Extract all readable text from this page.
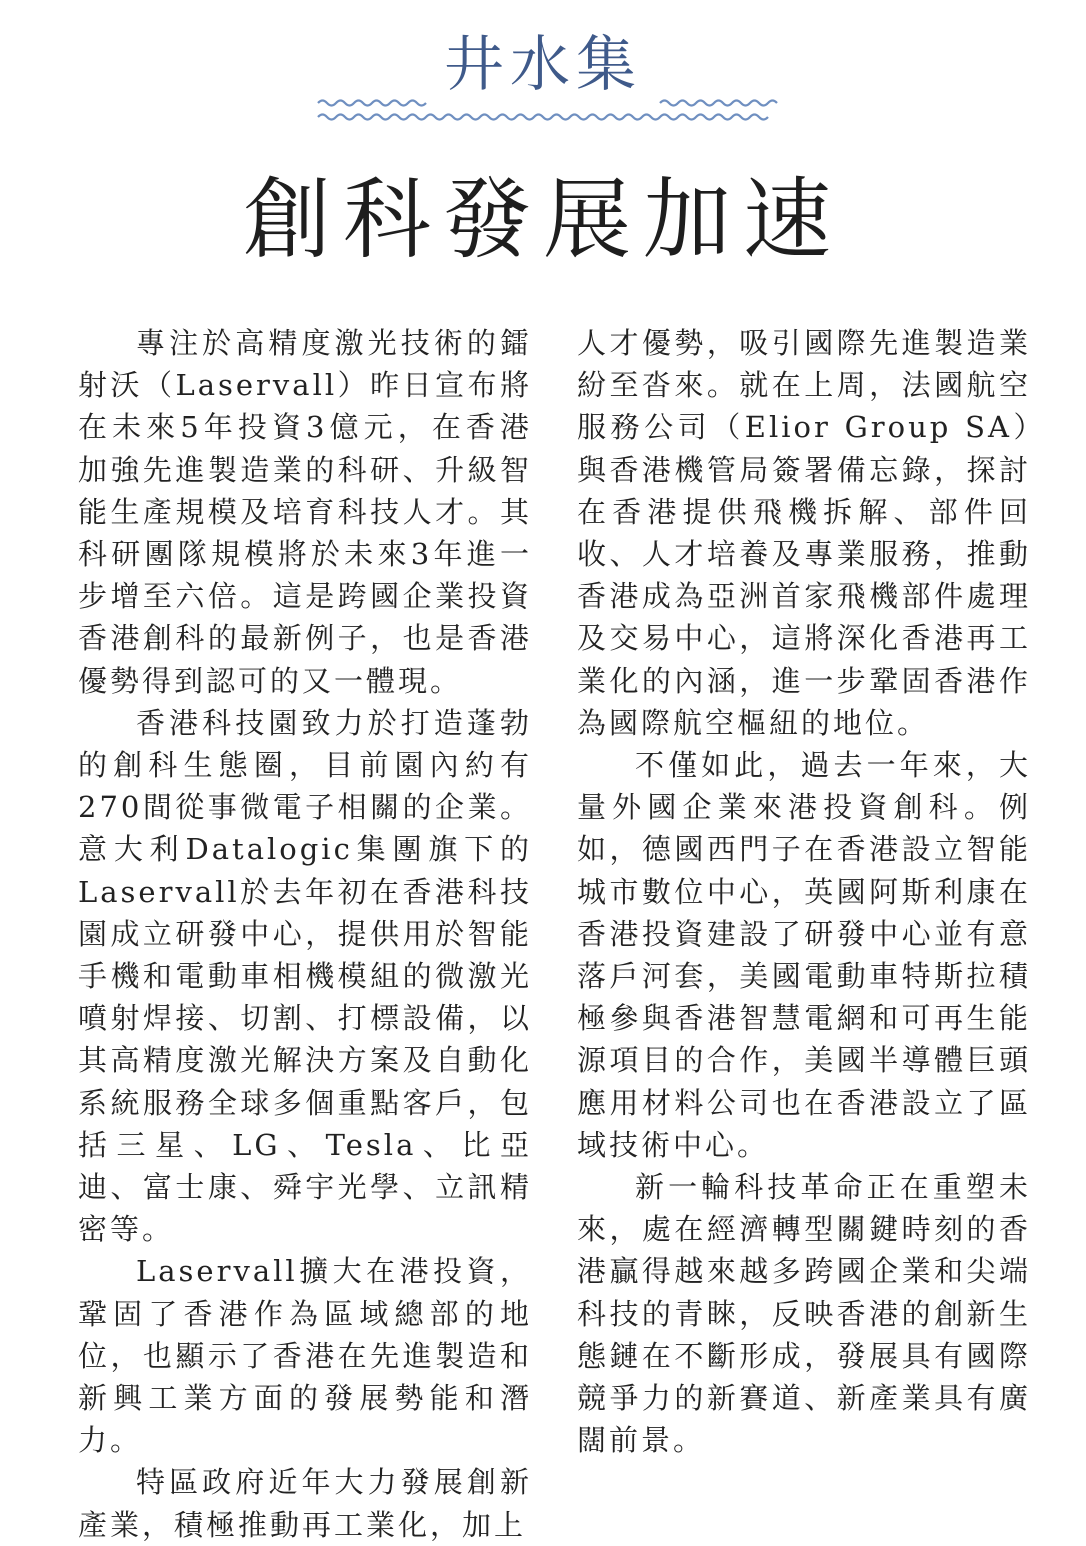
井水集
創科發展加速

專注於高精度激光技術的鐳射沃（Laservall）昨日宣布將在未來5年投資3億元，在香港加強先進製造業的科研、升級智能生產規模及培育科技人才。其科研團隊規模將於未來3年進一步增至六倍。這是跨國企業投資香港創科的最新例子，也是香港優勢得到認可的又一體現。

香港科技園致力於打造蓬勃的創科生態圈，目前園內約有270間從事微電子相關的企業。意大利Datalogic集團旗下的Laservall於去年初在香港科技園成立研發中心，提供用於智能手機和電動車相機模組的微激光噴射焊接、切割、打標設備，以其高精度激光解決方案及自動化系統服務全球多個重點客戶，包括三星、LG、Tesla、比亞迪、富士康、舜宇光學、立訊精密等。

Laservall擴大在港投資，鞏固了香港作為區域總部的地位，也顯示了香港在先進製造和新興工業方面的發展勢能和潛力。

特區政府近年大力發展創新產業，積極推動再工業化，加上

人才優勢，吸引國際先進製造業紛至沓來。就在上周，法國航空服務公司（Elior Group SA）與香港機管局簽署備忘錄，探討在香港提供飛機拆解、部件回收、人才培養及專業服務，推動香港成為亞洲首家飛機部件處理及交易中心，這將深化香港再工業化的內涵，進一步鞏固香港作為國際航空樞紐的地位。

不僅如此，過去一年來，大量外國企業來港投資創科。例如，德國西門子在香港設立智能城市數位中心，英國阿斯利康在香港投資建設了研發中心並有意落戶河套，美國電動車特斯拉積極參與香港智慧電網和可再生能源項目的合作，美國半導體巨頭應用材料公司也在香港設立了區域技術中心。

新一輪科技革命正在重塑未來，處在經濟轉型關鍵時刻的香港贏得越來越多跨國企業和尖端科技的青睞，反映香港的創新生態鏈在不斷形成，發展具有國際競爭力的新賽道、新產業具有廣闊前景。
